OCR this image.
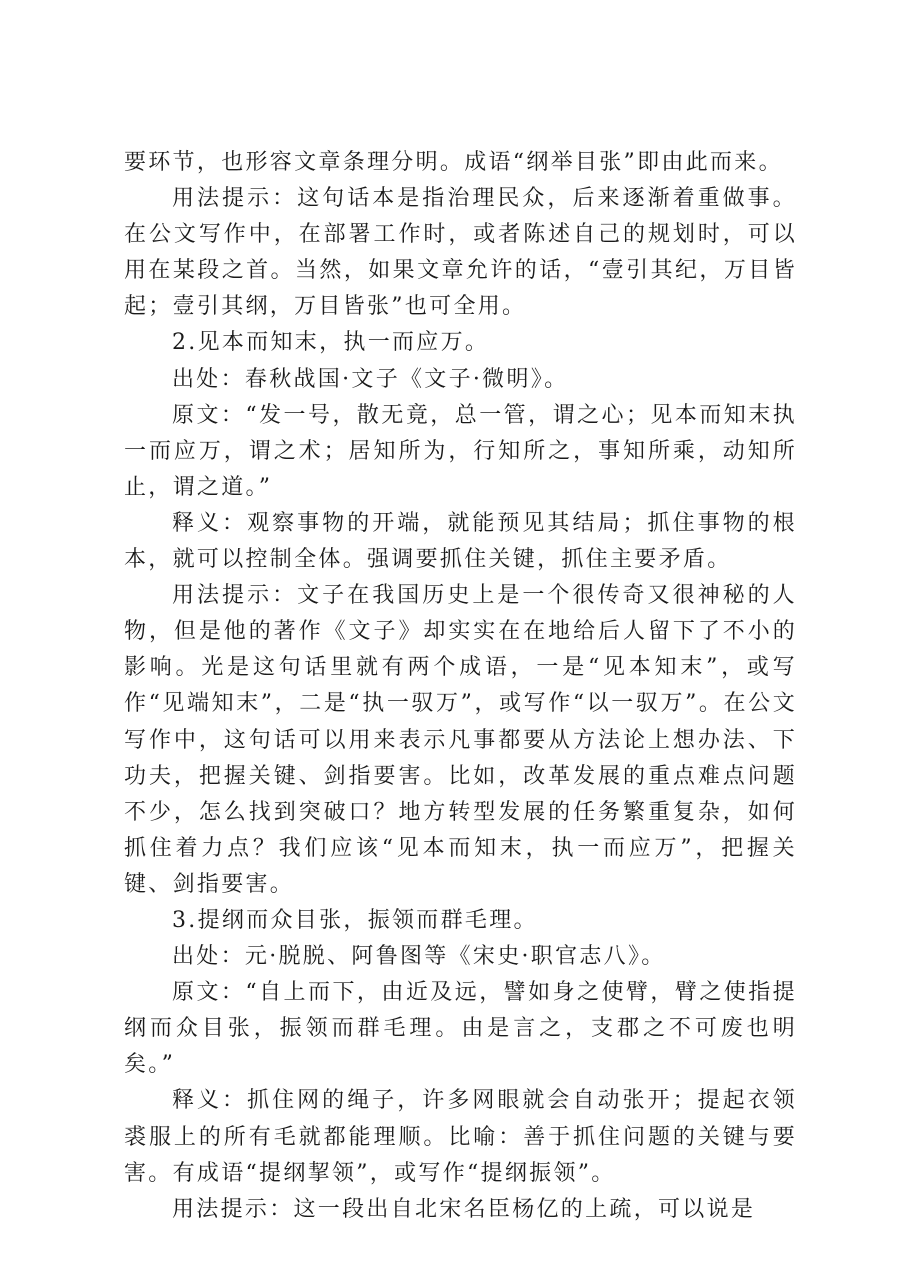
要环节，也形容文章条理分明。成语“纲举目张”即由此而来。

用法提示：这句话本是指治理民众，后来逐渐着重做事。在公文写作中，在部署工作时，或者陈述自己的规划时，可以用在某段之首。当然，如果文章允许的话，“壹引其纪，万目皆起；壹引其纲，万目皆张”也可全用。

2.见本而知末，执一而应万。

出处：春秋战国·文子《文子·微明》。

原文：“发一号，散无竟，总一管，谓之心；见本而知末执一而应万，谓之术；居知所为，行知所之，事知所乘，动知所止，谓之道。”

释义：观察事物的开端，就能预见其结局；抓住事物的根本，就可以控制全体。强调要抓住关键，抓住主要矛盾。

用法提示：文子在我国历史上是一个很传奇又很神秘的人物，但是他的著作《文子》却实实在在地给后人留下了不小的影响。光是这句话里就有两个成语，一是“见本知末”，或写作“见端知末”，二是“执一驭万”，或写作“以一驭万”。在公文写作中，这句话可以用来表示凡事都要从方法论上想办法、下功夫，把握关键、剑指要害。比如，改革发展的重点难点问题不少，怎么找到突破口？地方转型发展的任务繁重复杂，如何抓住着力点？我们应该“见本而知末，执一而应万”，把握关键、剑指要害。

3.提纲而众目张，振领而群毛理。

出处：元·脱脱、阿鲁图等《宋史·职官志八》。

原文：“自上而下，由近及远，譬如身之使臂，臂之使指提纲而众目张，振领而群毛理。由是言之，支郡之不可废也明矣。”

释义：抓住网的绳子，许多网眼就会自动张开；提起衣领裘服上的所有毛就都能理顺。比喻：善于抓住问题的关键与要害。有成语“提纲挈领”，或写作“提纲振领”。

用法提示：这一段出自北宋名臣杨亿的上疏，可以说是
